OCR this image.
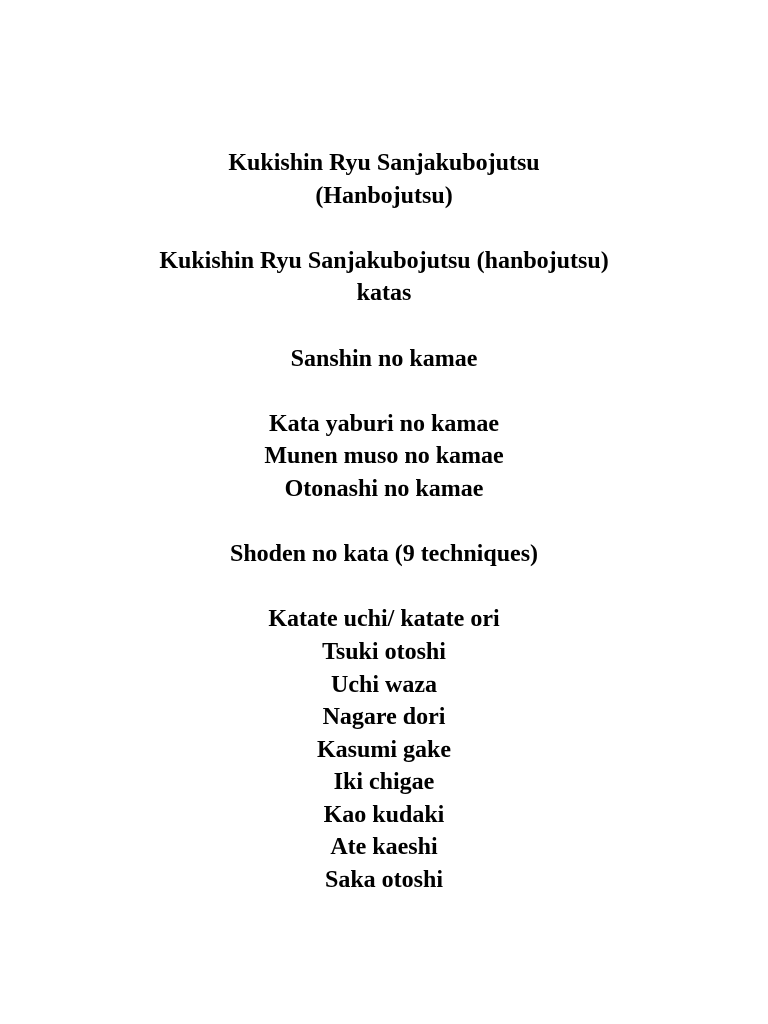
Kukishin Ryu Sanjakubojutsu
(Hanbojutsu)
Kukishin Ryu Sanjakubojutsu (hanbojutsu)
katas
Sanshin no kamae
Kata yaburi no kamae
Munen muso no kamae
Otonashi no kamae
Shoden no kata (9 techniques)
Katate uchi/ katate ori
Tsuki otoshi
Uchi waza
Nagare dori
Kasumi gake
Iki chigae
Kao kudaki
Ate kaeshi
Saka otoshi
